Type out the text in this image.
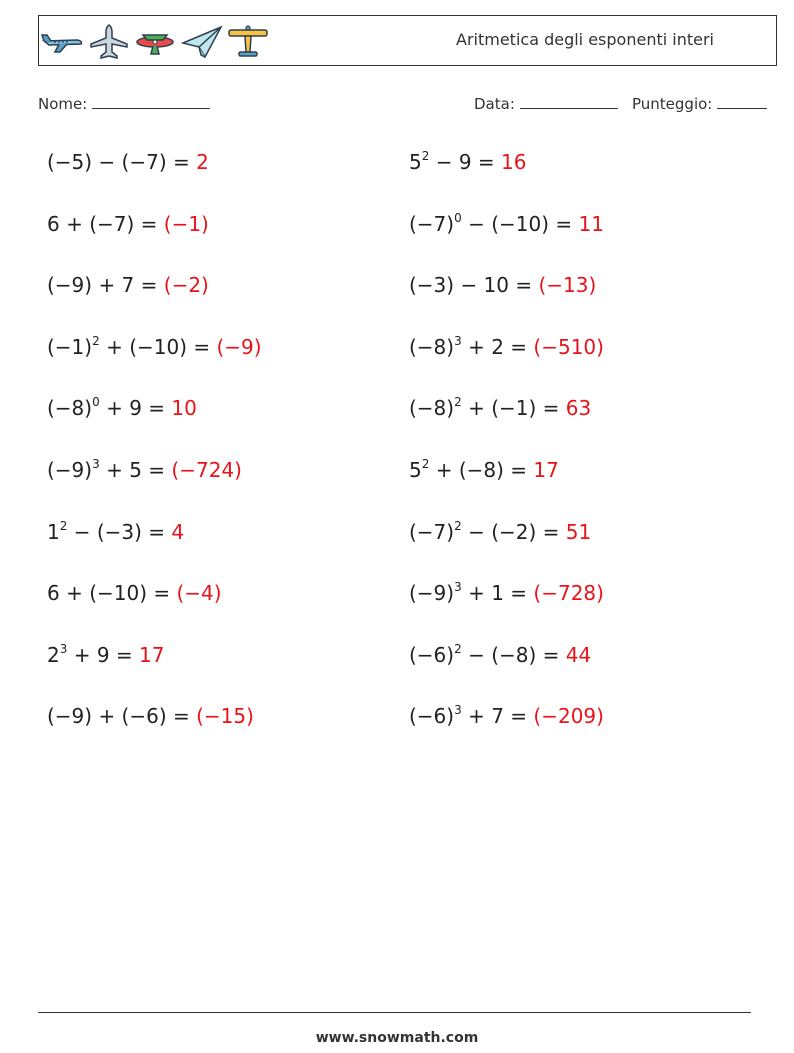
Aritmetica degli esponenti interi
Nome:	Data:	Punteggio:
(−5) − (−7) = 2
6 + (−7) = (−1)
(−9) + 7 = (−2)
$(-1)^2 + (-10) = (-9)$
$(-8)^0 + 9 = 10$
$(-9)^3 + 5 = (-724)$
$1^2 - (-3) = 4$
6 + (−10) = (−4)
$2^3 + 9 = 17$
(−9) + (−6) = (−15)
$5^2 - 9 = 16$
$(-7)^0 - (-10) = 11$
(−3) − 10 = (−13)
$(-8)^3 + 2 = (-510)$
$(-8)^2 + (-1) = 63$
$5^2 + (-8) = 17$
$(-7)^2 - (-2) = 51$
$(-9)^3 + 1 = (-728)$
$(-6)^2 - (-8) = 44$
$(-6)^3 + 7 = (-209)$
www.snowmath.com
